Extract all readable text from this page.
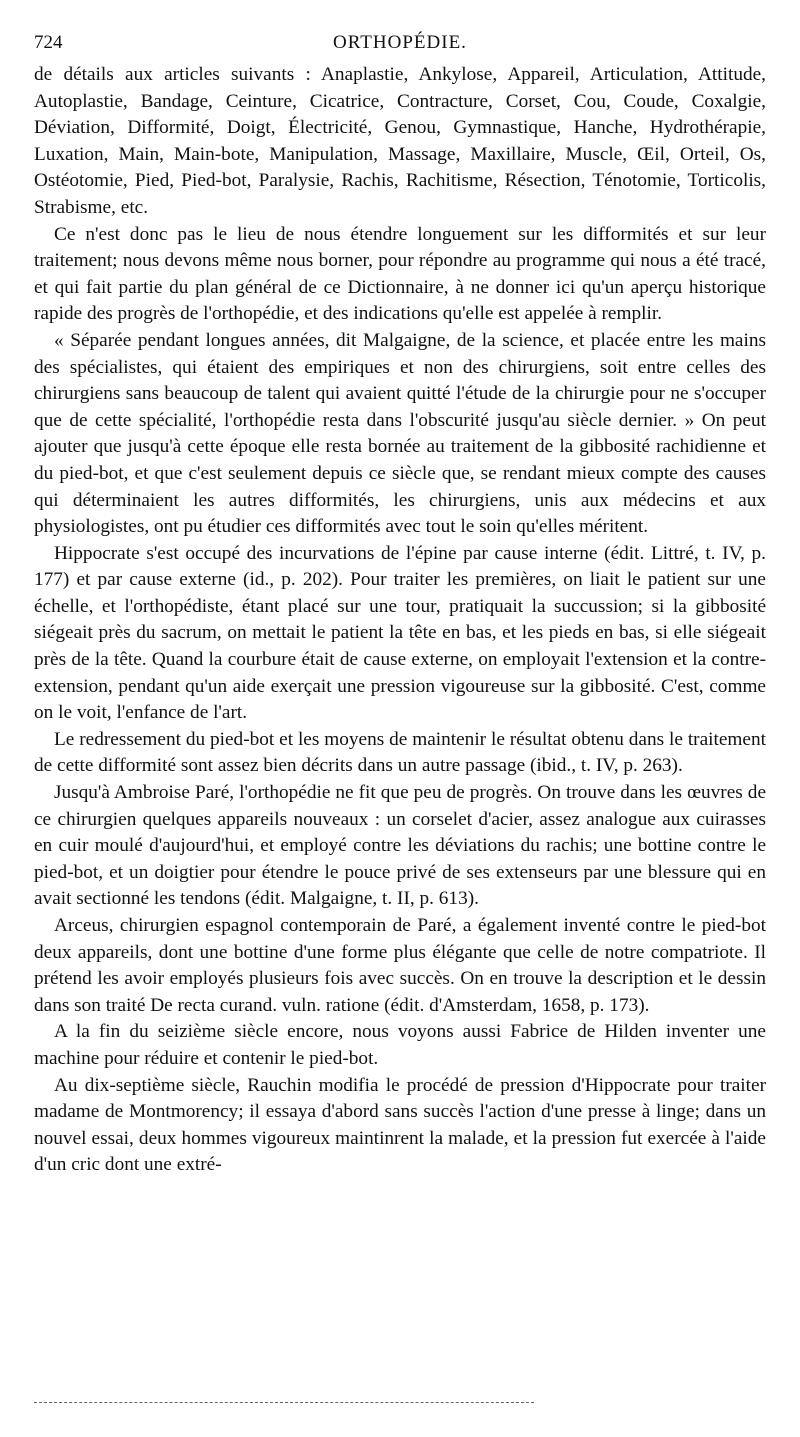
724	ORTHOPÉDIE.

de détails aux articles suivants : Anaplastie, Ankylose, Appareil, Articulation, Attitude, Autoplastie, Bandage, Ceinture, Cicatrice, Contracture, Corset, Cou, Coude, Coxalgie, Déviation, Difformité, Doigt, Électricité, Genou, Gymnastique, Hanche, Hydrothérapie, Luxation, Main, Main-bote, Manipulation, Massage, Maxillaire, Muscle, Œil, Orteil, Os, Ostéotomie, Pied, Pied-bot, Paralysie, Rachis, Rachitisme, Résection, Ténotomie, Torticolis, Strabisme, etc.

Ce n'est donc pas le lieu de nous étendre longuement sur les difformités et sur leur traitement; nous devons même nous borner, pour répondre au programme qui nous a été tracé, et qui fait partie du plan général de ce Dictionnaire, à ne donner ici qu'un aperçu historique rapide des progrès de l'orthopédie, et des indications qu'elle est appelée à remplir.

« Séparée pendant longues années, dit Malgaigne, de la science, et placée entre les mains des spécialistes, qui étaient des empiriques et non des chirurgiens, soit entre celles des chirurgiens sans beaucoup de talent qui avaient quitté l'étude de la chirurgie pour ne s'occuper que de cette spécialité, l'orthopédie resta dans l'obscurité jusqu'au siècle dernier. » On peut ajouter que jusqu'à cette époque elle resta bornée au traitement de la gibbosité rachidienne et du pied-bot, et que c'est seulement depuis ce siècle que, se rendant mieux compte des causes qui déterminaient les autres difformités, les chirurgiens, unis aux médecins et aux physiologistes, ont pu étudier ces difformités avec tout le soin qu'elles méritent.

Hippocrate s'est occupé des incurvations de l'épine par cause interne (édit. Littré, t. IV, p. 177) et par cause externe (id., p. 202). Pour traiter les premières, on liait le patient sur une échelle, et l'orthopédiste, étant placé sur une tour, pratiquait la succussion; si la gibbosité siégeait près du sacrum, on mettait le patient la tête en bas, et les pieds en bas, si elle siégeait près de la tête. Quand la courbure était de cause externe, on employait l'extension et la contre-extension, pendant qu'un aide exerçait une pression vigoureuse sur la gibbosité. C'est, comme on le voit, l'enfance de l'art.

Le redressement du pied-bot et les moyens de maintenir le résultat obtenu dans le traitement de cette difformité sont assez bien décrits dans un autre passage (ibid., t. IV, p. 263).

Jusqu'à Ambroise Paré, l'orthopédie ne fit que peu de progrès. On trouve dans les œuvres de ce chirurgien quelques appareils nouveaux : un corselet d'acier, assez analogue aux cuirasses en cuir moulé d'aujourd'hui, et employé contre les déviations du rachis; une bottine contre le pied-bot, et un doigtier pour étendre le pouce privé de ses extenseurs par une blessure qui en avait sectionné les tendons (édit. Malgaigne, t. II, p. 613).

Arceus, chirurgien espagnol contemporain de Paré, a également inventé contre le pied-bot deux appareils, dont une bottine d'une forme plus élégante que celle de notre compatriote. Il prétend les avoir employés plusieurs fois avec succès. On en trouve la description et le dessin dans son traité De recta curand. vuln. ratione (édit. d'Amsterdam, 1658, p. 173).

A la fin du seizième siècle encore, nous voyons aussi Fabrice de Hilden inventer une machine pour réduire et contenir le pied-bot.

Au dix-septième siècle, Rauchin modifia le procédé de pression d'Hippocrate pour traiter madame de Montmorency; il essaya d'abord sans succès l'action d'une presse à linge; dans un nouvel essai, deux hommes vigoureux maintinrent la malade, et la pression fut exercée à l'aide d'un cric dont une extré-
